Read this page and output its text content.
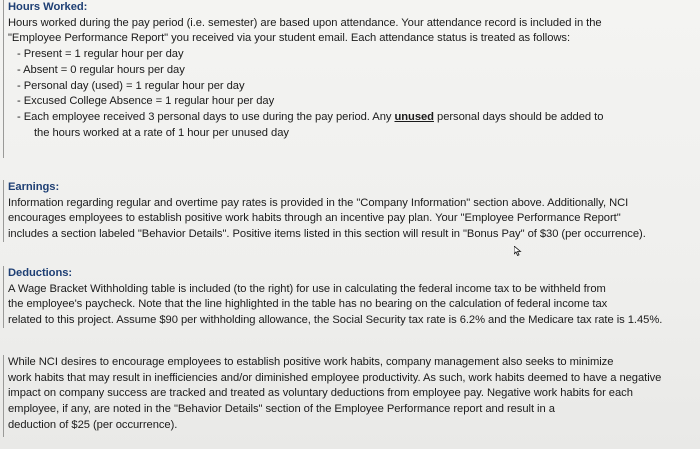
Hours Worked:
Hours worked during the pay period (i.e. semester) are based upon attendance. Your attendance record is included in the
"Employee Performance Report" you received via your student email. Each attendance status is treated as follows:
- Present = 1 regular hour per day
- Absent = 0 regular hours per day
- Personal day (used) = 1 regular hour per day
- Excused College Absence = 1 regular hour per day
- Each employee received 3 personal days to use during the pay period. Any unused personal days should be added to
the hours worked at a rate of 1 hour per unused day
Earnings:
Information regarding regular and overtime pay rates is provided in the "Company Information" section above. Additionally, NCI
encourages employees to establish positive work habits through an incentive pay plan. Your "Employee Performance Report"
includes a section labeled "Behavior Details". Positive items listed in this section will result in "Bonus Pay" of $30 (per occurrence).
Deductions:
A Wage Bracket Withholding table is included (to the right) for use in calculating the federal income tax to be withheld from
the employee's paycheck. Note that the line highlighted in the table has no bearing on the calculation of federal income tax
related to this project. Assume $90 per withholding allowance, the Social Security tax rate is 6.2% and the Medicare tax rate is 1.45%.
While NCI desires to encourage employees to establish positive work habits, company management also seeks to minimize
work habits that may result in inefficiencies and/or diminished employee productivity. As such, work habits deemed to have a negative
impact on company success are tracked and treated as voluntary deductions from employee pay. Negative work habits for each
employee, if any, are noted in the "Behavior Details" section of the Employee Performance report and result in a
deduction of $25 (per occurrence).
